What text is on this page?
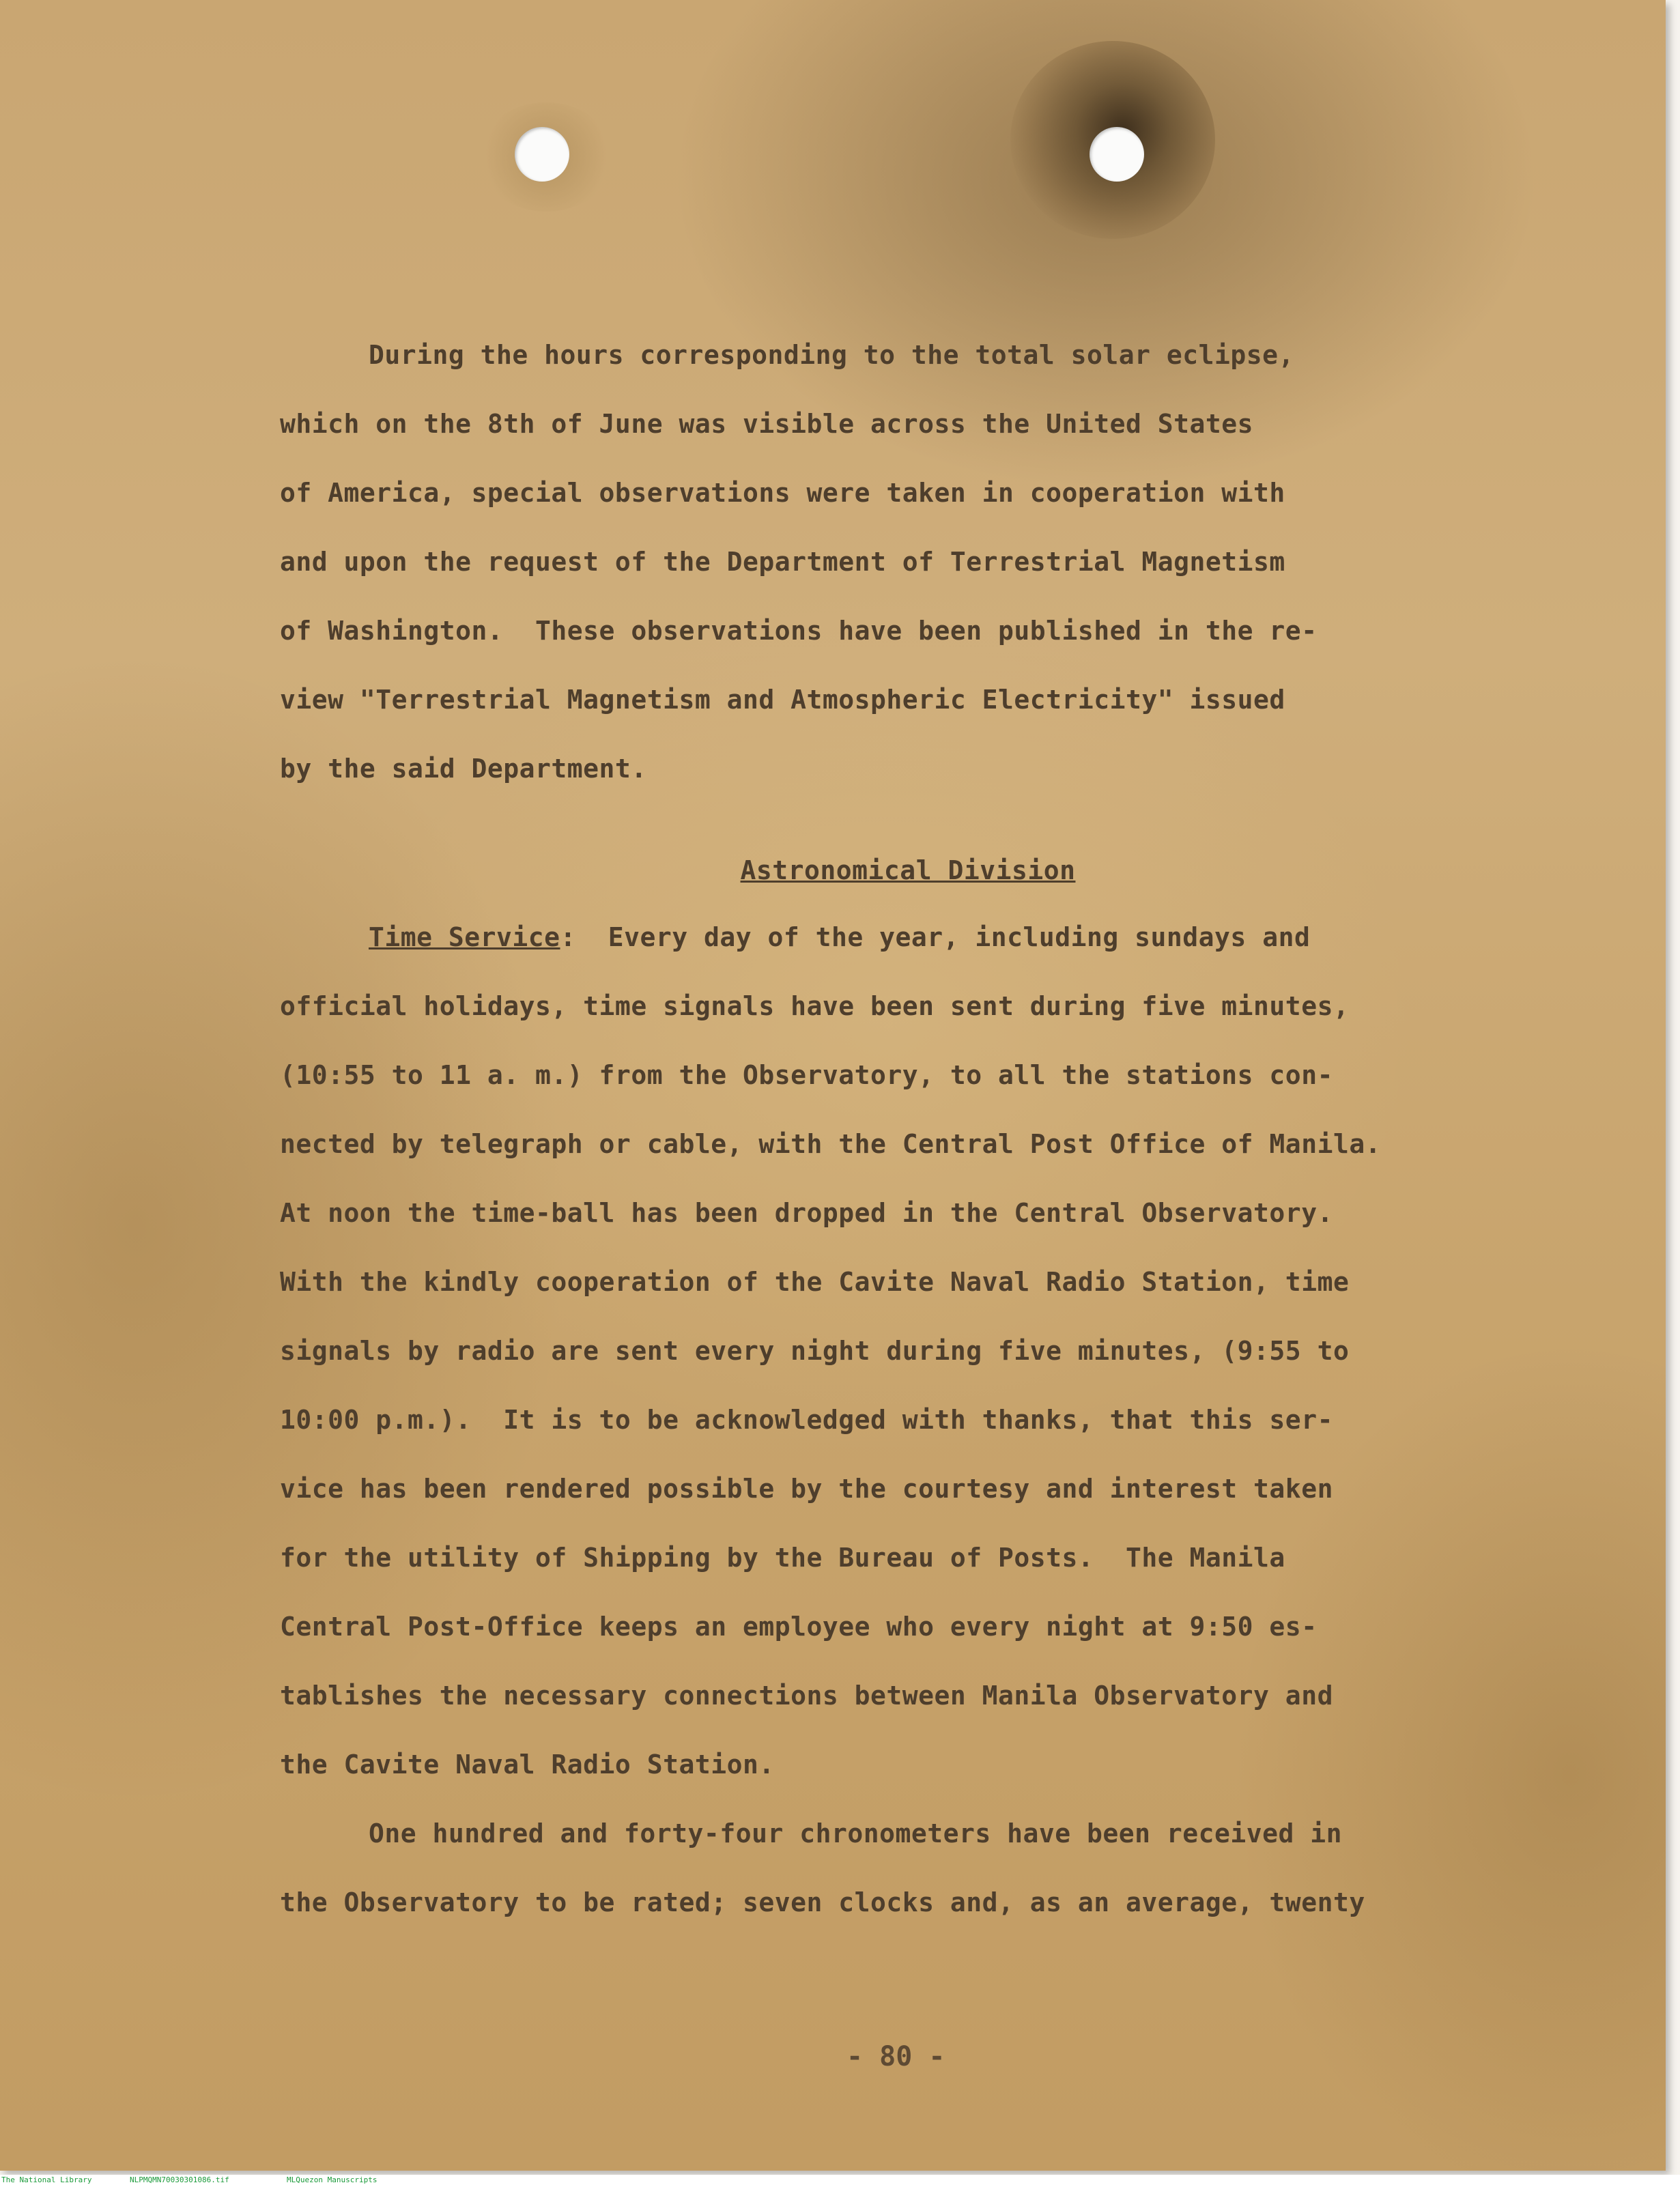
During the hours corresponding to the total solar eclipse,
which on the 8th of June was visible across the United States
of America, special observations were taken in cooperation with
and upon the request of the Department of Terrestrial Magnetism
of Washington.  These observations have been published in the re-
view "Terrestrial Magnetism and Atmospheric Electricity" issued
by the said Department.
Astronomical Division
Time Service:  Every day of the year, including sundays and
official holidays, time signals have been sent during five minutes,
(10:55 to 11 a. m.) from the Observatory, to all the stations con-
nected by telegraph or cable, with the Central Post Office of Manila.
At noon the time-ball has been dropped in the Central Observatory.
With the kindly cooperation of the Cavite Naval Radio Station, time
signals by radio are sent every night during five minutes, (9:55 to
10:00 p.m.).  It is to be acknowledged with thanks, that this ser-
vice has been rendered possible by the courtesy and interest taken
for the utility of Shipping by the Bureau of Posts.  The Manila
Central Post-Office keeps an employee who every night at 9:50 es-
tablishes the necessary connections between Manila Observatory and
the Cavite Naval Radio Station.
One hundred and forty-four chronometers have been received in
the Observatory to be rated; seven clocks and, as an average, twenty
- 80 -
The National Library	NLPMQMN70030301086.tif	MLQuezon Manuscripts
